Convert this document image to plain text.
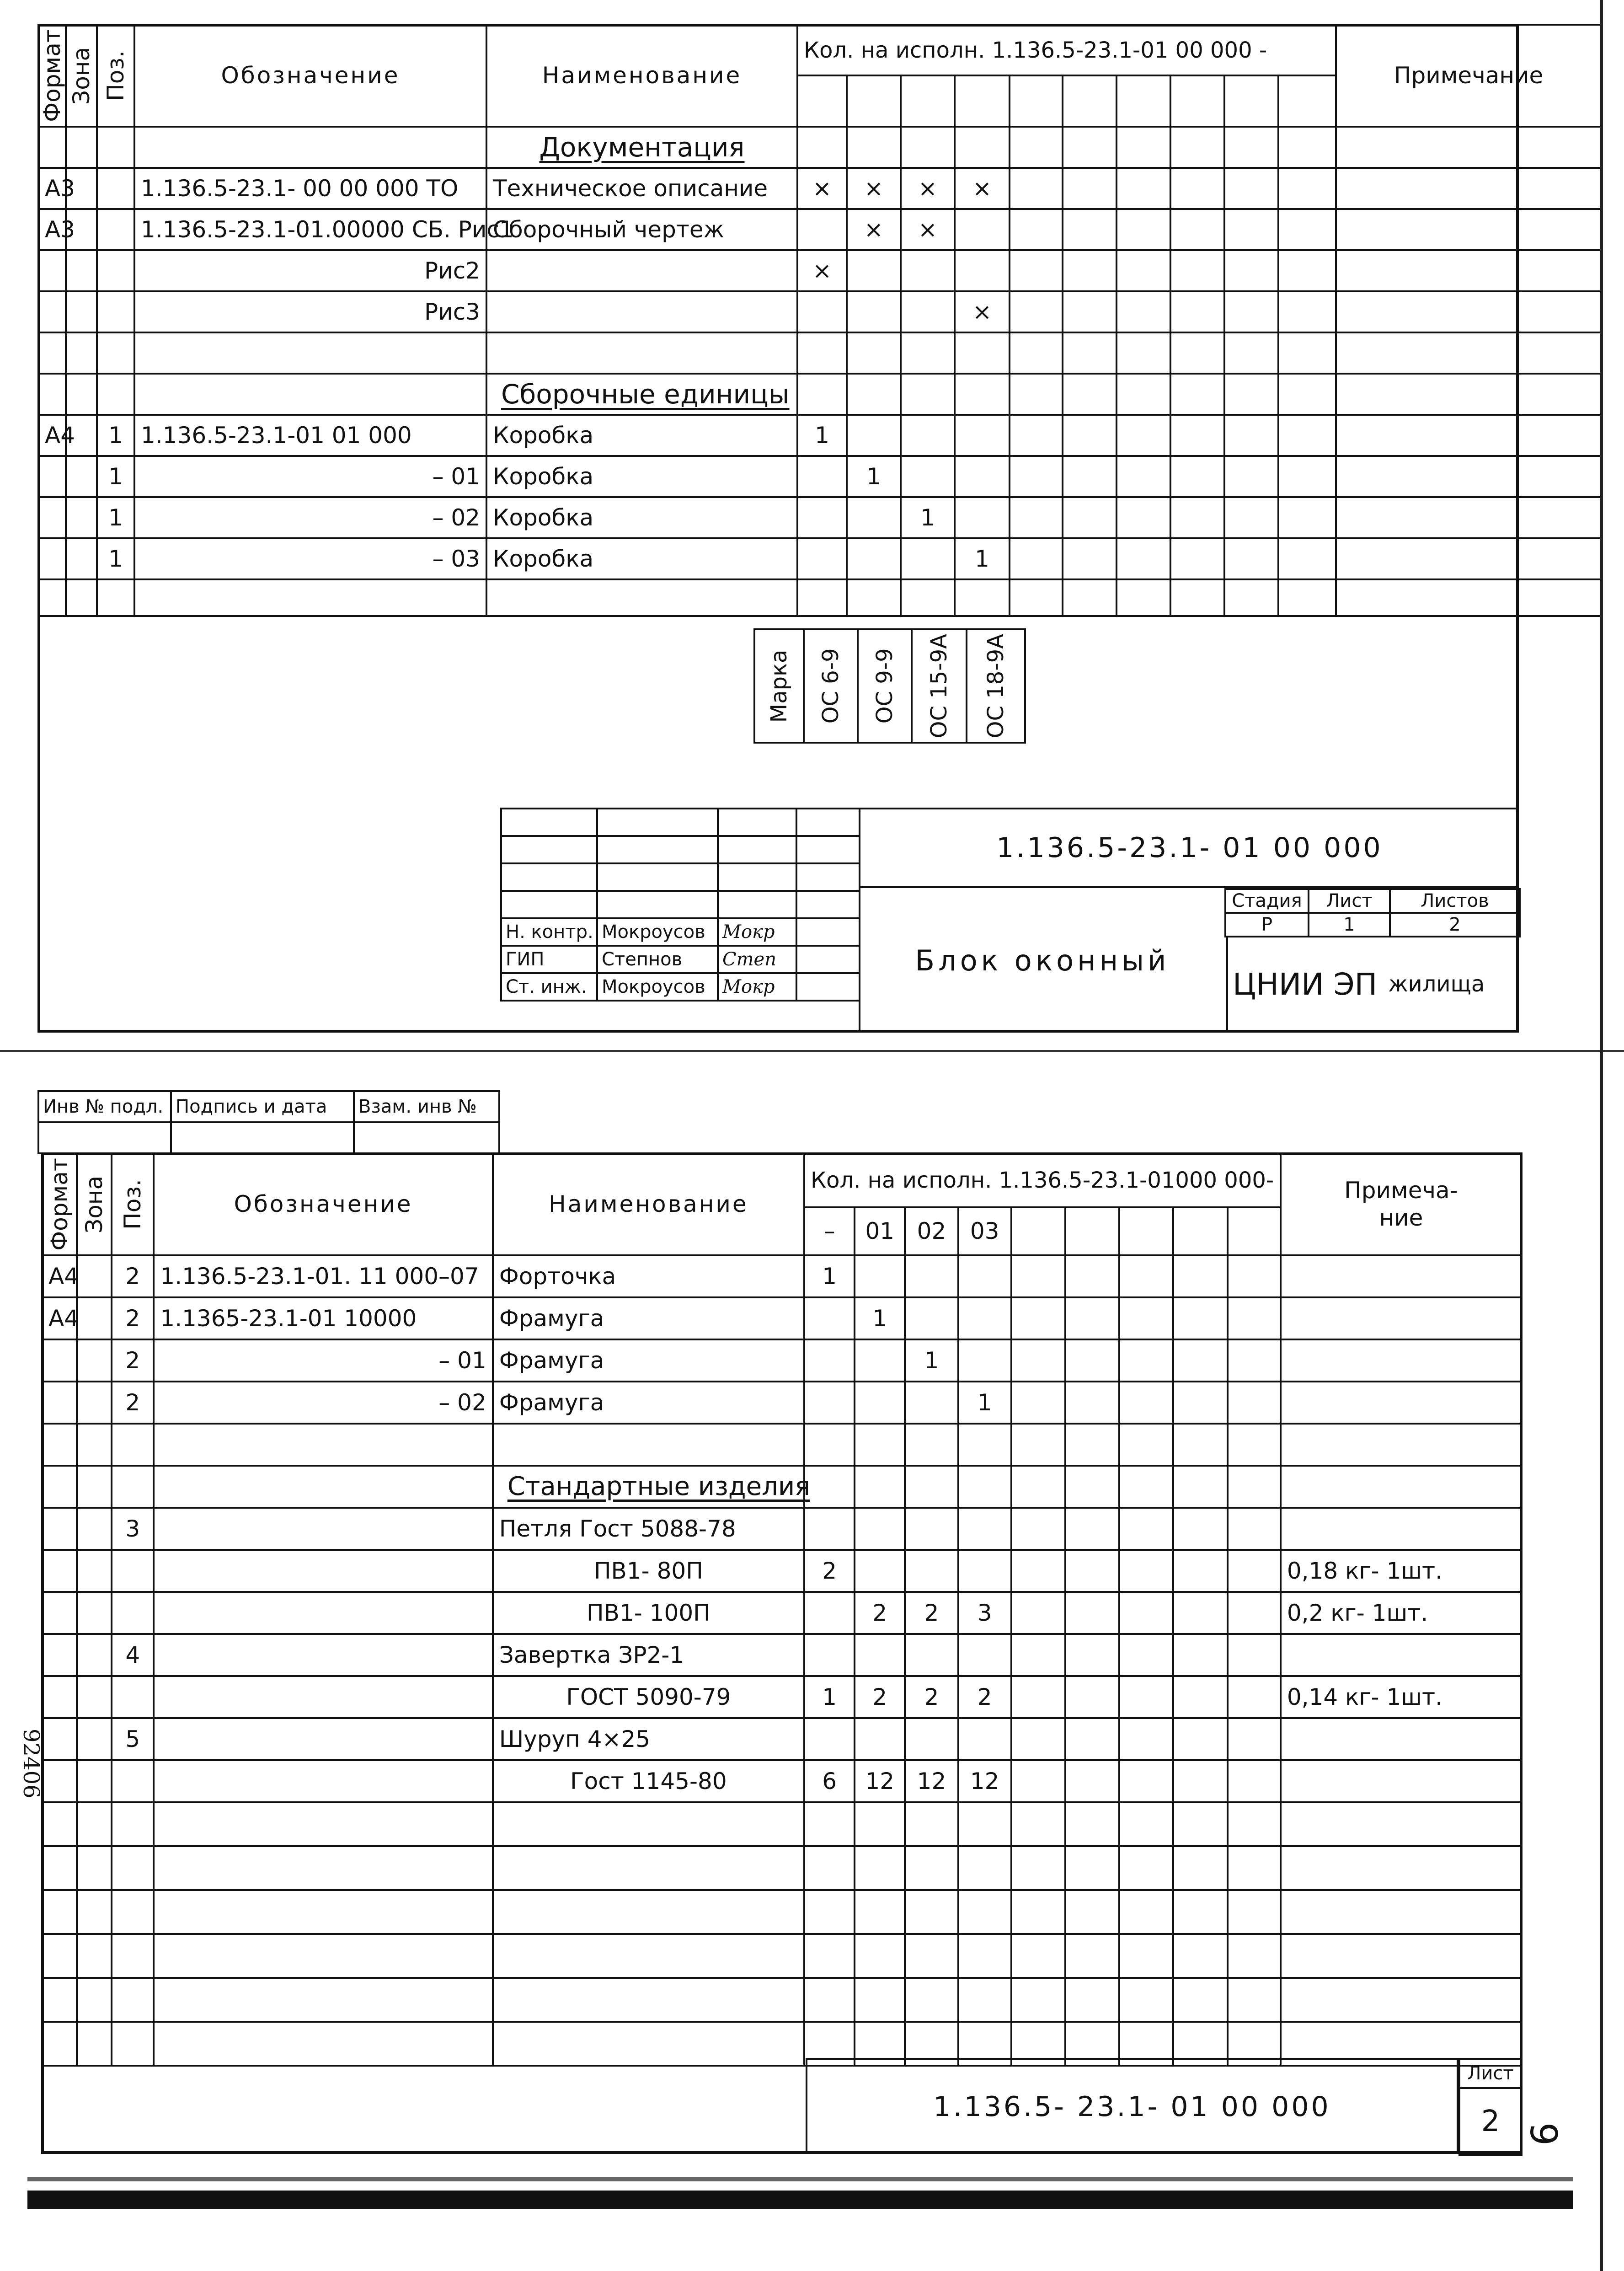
Формат	Зона	Поз.	Обозначение	Наименование	Кол. на исполн. 1.136.5-23.1-01 00 000 -										Примечание

				Документация											
A3			1.136.5-23.1- 00 00 000 ТО	Техническое описание	×	×	×	×							
A3			1.136.5-23.1-01.00000 СБ. Рис1	Сборочный чертеж		×	×								
			Рис2		×										
			Рис3					×							

				Сборочные единицы											
A4		1	1.136.5-23.1-01 01 000	Коробка	1										
		1	– 01	Коробка		1									
		1	– 02	Коробка			1								
		1	– 03	Коробка				1							

Марка	ОС 6-9	ОС 9-9	ОС 15-9А	ОС 18-9А

Н. контр.	Мокроусов	Мокр	
ГИП	Степнов	Степ	
Ст. инж.	Мокроусов	Мокр	
1.136.5-23.1- 01 00 000
Блок оконный
Стадия	Лист	Листов
Р	1	2
ЦНИИ ЭП жилища
Инв № подл.	Подпись и дата	Взам. инв №

Формат	Зона	Поз.	Обозначение	Наименование	Кол. на исполн. 1.136.5-23.1-01000 000-									Примеча-ние
					–	01	02	03						
A4		2	1.136.5-23.1-01. 11 000–07	Форточка	1									
A4		2	1.1365-23.1-01 10000	Фрамуга		1								
		2	– 01	Фрамуга			1							
		2	– 02	Фрамуга				1						

				Стандартные изделия										
		3		Петля Гост 5088-78										
				ПВ1- 80П	2									0,18 кг- 1шт.
				ПВ1- 100П		2	2	3						0,2 кг- 1шт.
		4		Завертка ЗР2-1										
				ГОСТ 5090-79	1	2	2	2						0,14 кг- 1шт.
		5		Шуруп 4×25										
				Гост 1145-80	6	12	12	12						

1.136.5- 23.1- 01 00 000
Лист
2
92406
9
